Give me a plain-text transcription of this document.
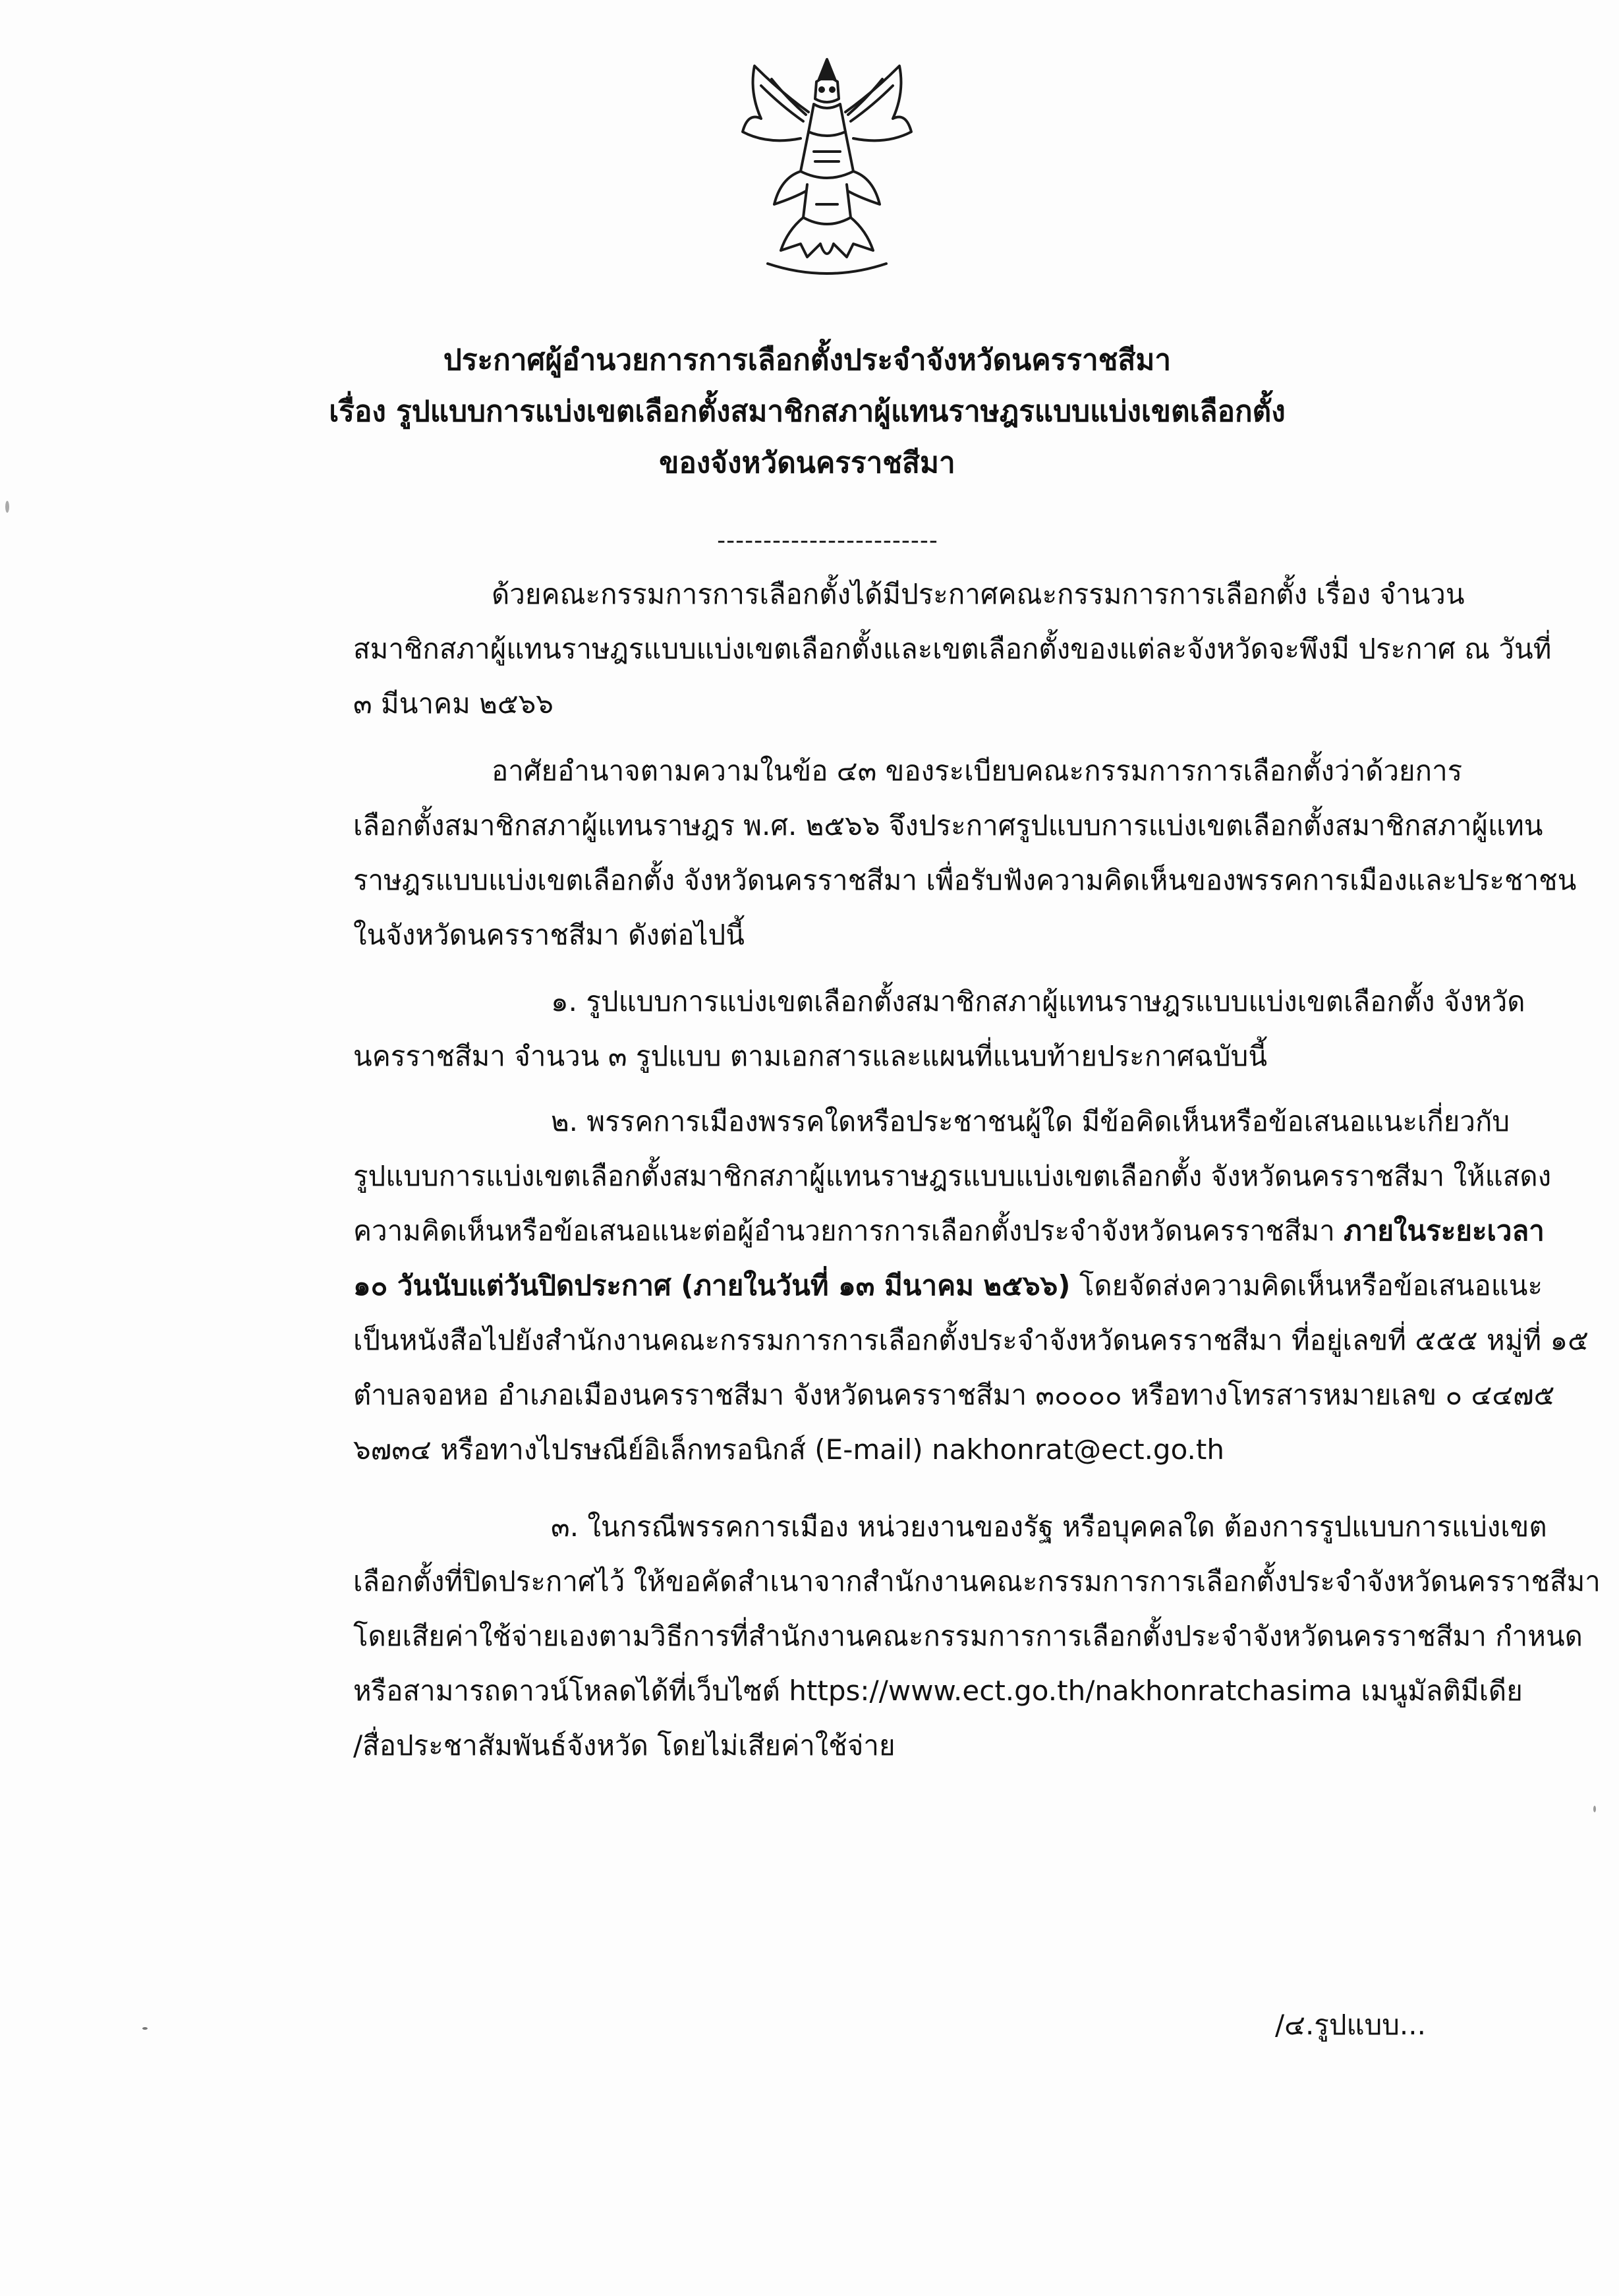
ประกาศผู้อำนวยการการเลือกตั้งประจำจังหวัดนครราชสีมา
เรื่อง รูปแบบการแบ่งเขตเลือกตั้งสมาชิกสภาผู้แทนราษฎรแบบแบ่งเขตเลือกตั้ง
ของจังหวัดนครราชสีมา
------------------------
ด้วยคณะกรรมการการเลือกตั้งได้มีประกาศคณะกรรมการการเลือกตั้ง เรื่อง จำนวน
สมาชิกสภาผู้แทนราษฎรแบบแบ่งเขตเลือกตั้งและเขตเลือกตั้งของแต่ละจังหวัดจะพึงมี ประกาศ ณ วันที่
๓ มีนาคม ๒๕๖๖
อาศัยอำนาจตามความในข้อ ๔๓ ของระเบียบคณะกรรมการการเลือกตั้งว่าด้วยการ
เลือกตั้งสมาชิกสภาผู้แทนราษฎร พ.ศ. ๒๕๖๖ จึงประกาศรูปแบบการแบ่งเขตเลือกตั้งสมาชิกสภาผู้แทน
ราษฎรแบบแบ่งเขตเลือกตั้ง จังหวัดนครราชสีมา เพื่อรับฟังความคิดเห็นของพรรคการเมืองและประชาชน
ในจังหวัดนครราชสีมา ดังต่อไปนี้
๑. รูปแบบการแบ่งเขตเลือกตั้งสมาชิกสภาผู้แทนราษฎรแบบแบ่งเขตเลือกตั้ง จังหวัด
นครราชสีมา จำนวน ๓ รูปแบบ ตามเอกสารและแผนที่แนบท้ายประกาศฉบับนี้
๒. พรรคการเมืองพรรคใดหรือประชาชนผู้ใด มีข้อคิดเห็นหรือข้อเสนอแนะเกี่ยวกับ
รูปแบบการแบ่งเขตเลือกตั้งสมาชิกสภาผู้แทนราษฎรแบบแบ่งเขตเลือกตั้ง จังหวัดนครราชสีมา ให้แสดง
ความคิดเห็นหรือข้อเสนอแนะต่อผู้อำนวยการการเลือกตั้งประจำจังหวัดนครราชสีมา ภายในระยะเวลา
๑๐ วันนับแต่วันปิดประกาศ (ภายในวันที่ ๑๓ มีนาคม ๒๕๖๖) โดยจัดส่งความคิดเห็นหรือข้อเสนอแนะ
เป็นหนังสือไปยังสำนักงานคณะกรรมการการเลือกตั้งประจำจังหวัดนครราชสีมา ที่อยู่เลขที่ ๕๕๕ หมู่ที่ ๑๕
ตำบลจอหอ อำเภอเมืองนครราชสีมา จังหวัดนครราชสีมา ๓๐๐๐๐ หรือทางโทรสารหมายเลข ๐ ๔๔๗๕
๖๗๓๔ หรือทางไปรษณีย์อิเล็กทรอนิกส์ (E-mail) nakhonrat@ect.go.th
๓. ในกรณีพรรคการเมือง หน่วยงานของรัฐ หรือบุคคลใด ต้องการรูปแบบการแบ่งเขต
เลือกตั้งที่ปิดประกาศไว้ ให้ขอคัดสำเนาจากสำนักงานคณะกรรมการการเลือกตั้งประจำจังหวัดนครราชสีมา
โดยเสียค่าใช้จ่ายเองตามวิธีการที่สำนักงานคณะกรรมการการเลือกตั้งประจำจังหวัดนครราชสีมา กำหนด
หรือสามารถดาวน์โหลดได้ที่เว็บไซต์ https://www.ect.go.th/nakhonratchasima เมนูมัลติมีเดีย
/สื่อประชาสัมพันธ์จังหวัด โดยไม่เสียค่าใช้จ่าย
/๔.รูปแบบ...
